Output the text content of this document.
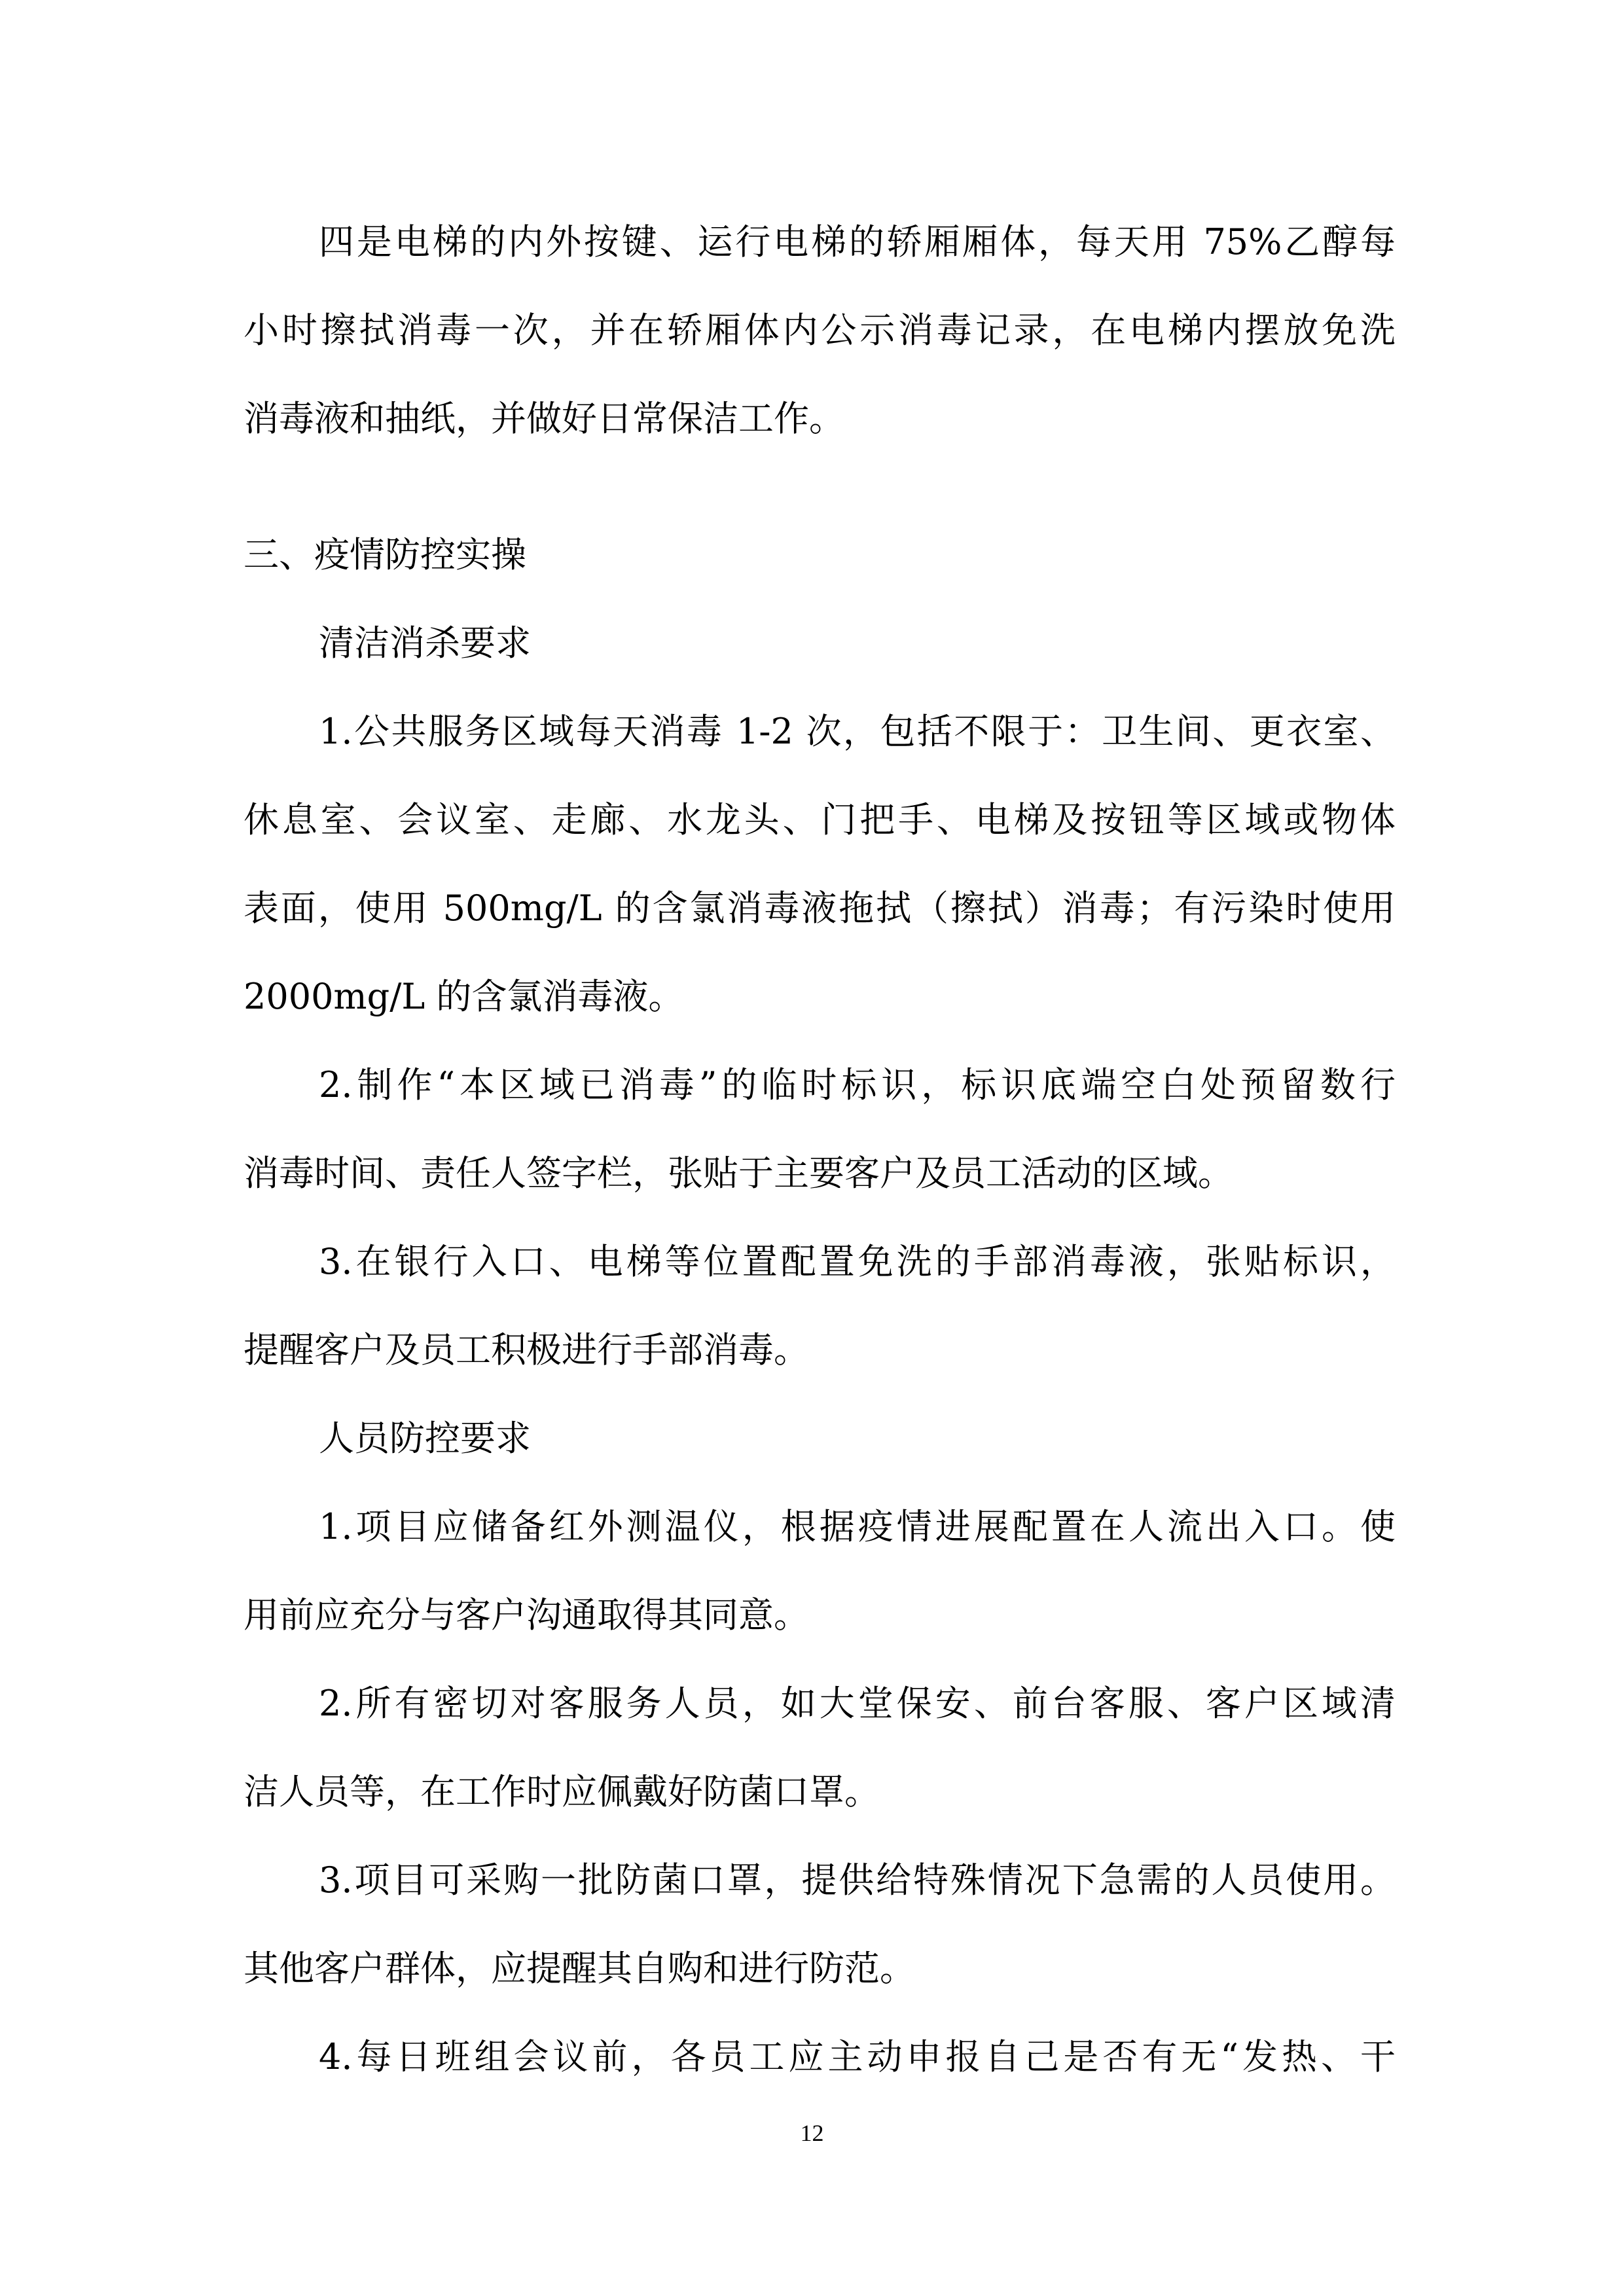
四是电梯的内外按键、运行电梯的轿厢厢体，每天用 75%乙醇每
小时擦拭消毒一次，并在轿厢体内公示消毒记录，在电梯内摆放免洗
消毒液和抽纸，并做好日常保洁工作。
三、疫情防控实操
清洁消杀要求
1.公共服务区域每天消毒 1-2 次，包括不限于：卫生间、更衣室、
休息室、会议室、走廊、水龙头、门把手、电梯及按钮等区域或物体
表面，使用 500mg/L 的含氯消毒液拖拭（擦拭）消毒；有污染时使用
2000mg/L 的含氯消毒液。
2.制作“本区域已消毒”的临时标识，标识底端空白处预留数行
消毒时间、责任人签字栏，张贴于主要客户及员工活动的区域。
3.在银行入口、电梯等位置配置免洗的手部消毒液，张贴标识，
提醒客户及员工积极进行手部消毒。
人员防控要求
1.项目应储备红外测温仪，根据疫情进展配置在人流出入口。使
用前应充分与客户沟通取得其同意。
2.所有密切对客服务人员，如大堂保安、前台客服、客户区域清
洁人员等，在工作时应佩戴好防菌口罩。
3.项目可采购一批防菌口罩，提供给特殊情况下急需的人员使用。
其他客户群体，应提醒其自购和进行防范。
4.每日班组会议前，各员工应主动申报自己是否有无“发热、干
12
